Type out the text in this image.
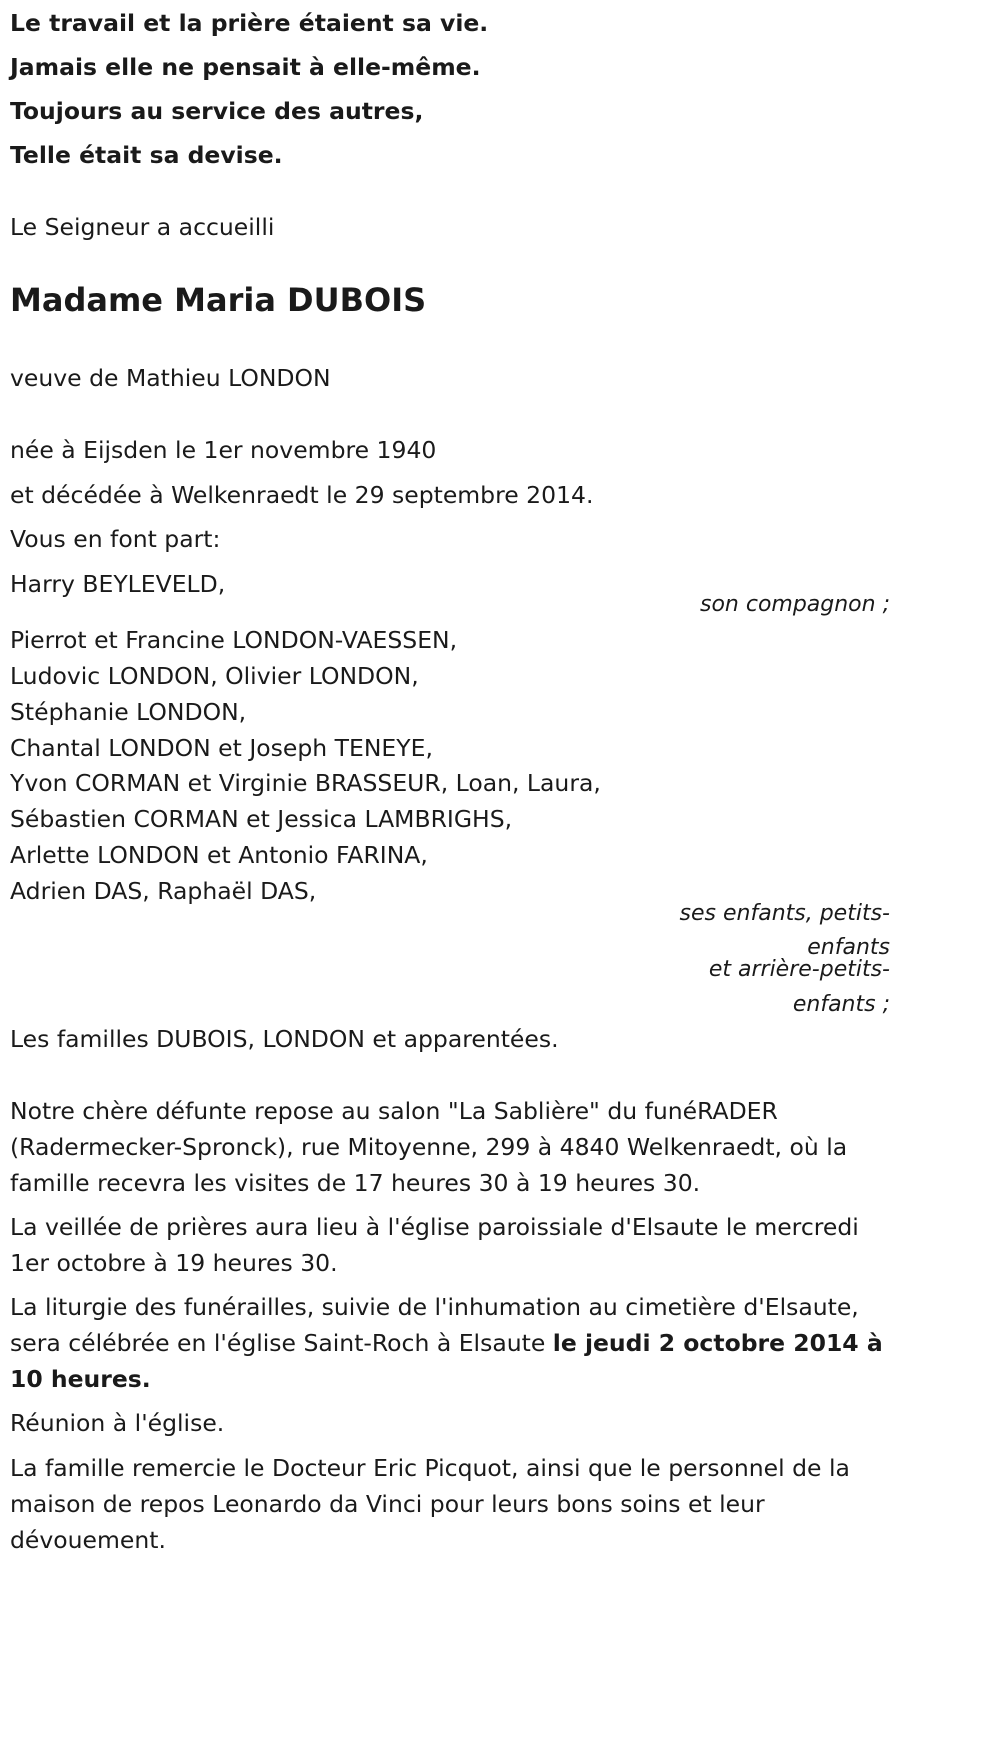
Le travail et la prière étaient sa vie.
Jamais elle ne pensait à elle-même.
Toujours au service des autres,
Telle était sa devise.
Le Seigneur a accueilli
Madame Maria DUBOIS
veuve de Mathieu LONDON
née à Eijsden le 1er novembre 1940
et décédée à Welkenraedt le 29 septembre 2014.
Vous en font part:
Harry BEYLEVELD,
son compagnon ;
Pierrot et Francine LONDON-VAESSEN,
Ludovic LONDON, Olivier LONDON,
Stéphanie LONDON,
Chantal LONDON et Joseph TENEYE,
Yvon CORMAN et Virginie BRASSEUR, Loan, Laura,
Sébastien CORMAN et Jessica LAMBRIGHS,
Arlette LONDON et Antonio FARINA,
Adrien DAS, Raphaël DAS,
ses enfants, petits-
enfants
et arrière-petits-
enfants ;
Les familles DUBOIS, LONDON et apparentées.
Notre chère défunte repose au salon "La Sablière" du funéRADER
(Radermecker-Spronck), rue Mitoyenne, 299 à 4840 Welkenraedt, où la
famille recevra les visites de 17 heures 30 à 19 heures 30.
La veillée de prières aura lieu à l'église paroissiale d'Elsaute le mercredi
1er octobre à 19 heures 30.
La liturgie des funérailles, suivie de l'inhumation au cimetière d'Elsaute,
sera célébrée en l'église Saint-Roch à Elsaute le jeudi 2 octobre 2014 à
10 heures.
Réunion à l'église.
La famille remercie le Docteur Eric Picquot, ainsi que le personnel de la
maison de repos Leonardo da Vinci pour leurs bons soins et leur
dévouement.
